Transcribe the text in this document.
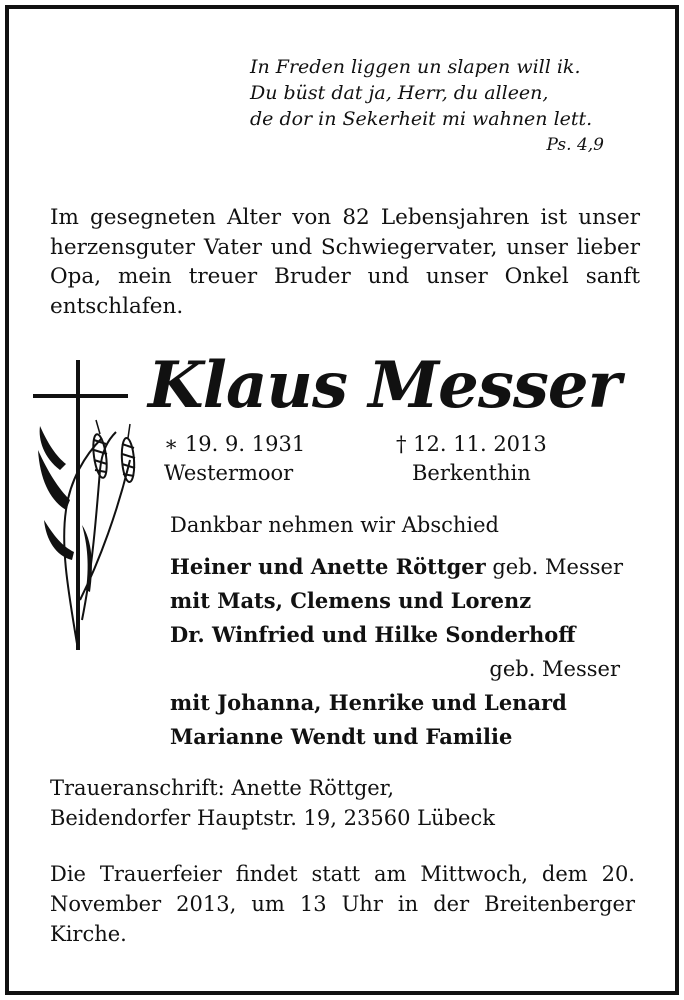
In Freden liggen un slapen will ik.
Du büst dat ja, Herr, du alleen,
de dor in Sekerheit mi wahnen lett.
Ps. 4,9
Im gesegneten Alter von 82 Lebensjahren ist unser herzensguter Vater und Schwiegervater, unser lieber Opa, mein treuer Bruder und unser Onkel sanft entschlafen.
Klaus Messer
∗ 19. 9. 1931
Westermoor
† 12. 11. 2013
Berkenthin
Dankbar nehmen wir Abschied
Heiner und Anette Röttger geb. Messer
mit Mats, Clemens und Lorenz
Dr. Winfried und Hilke Sonderhoff
geb. Messer
mit Johanna, Henrike und Lenard
Marianne Wendt und Familie
Traueranschrift: Anette Röttger,
Beidendorfer Hauptstr. 19, 23560 Lübeck
Die Trauerfeier findet statt am Mittwoch, dem 20. November 2013, um 13 Uhr in der Breitenberger Kirche.
